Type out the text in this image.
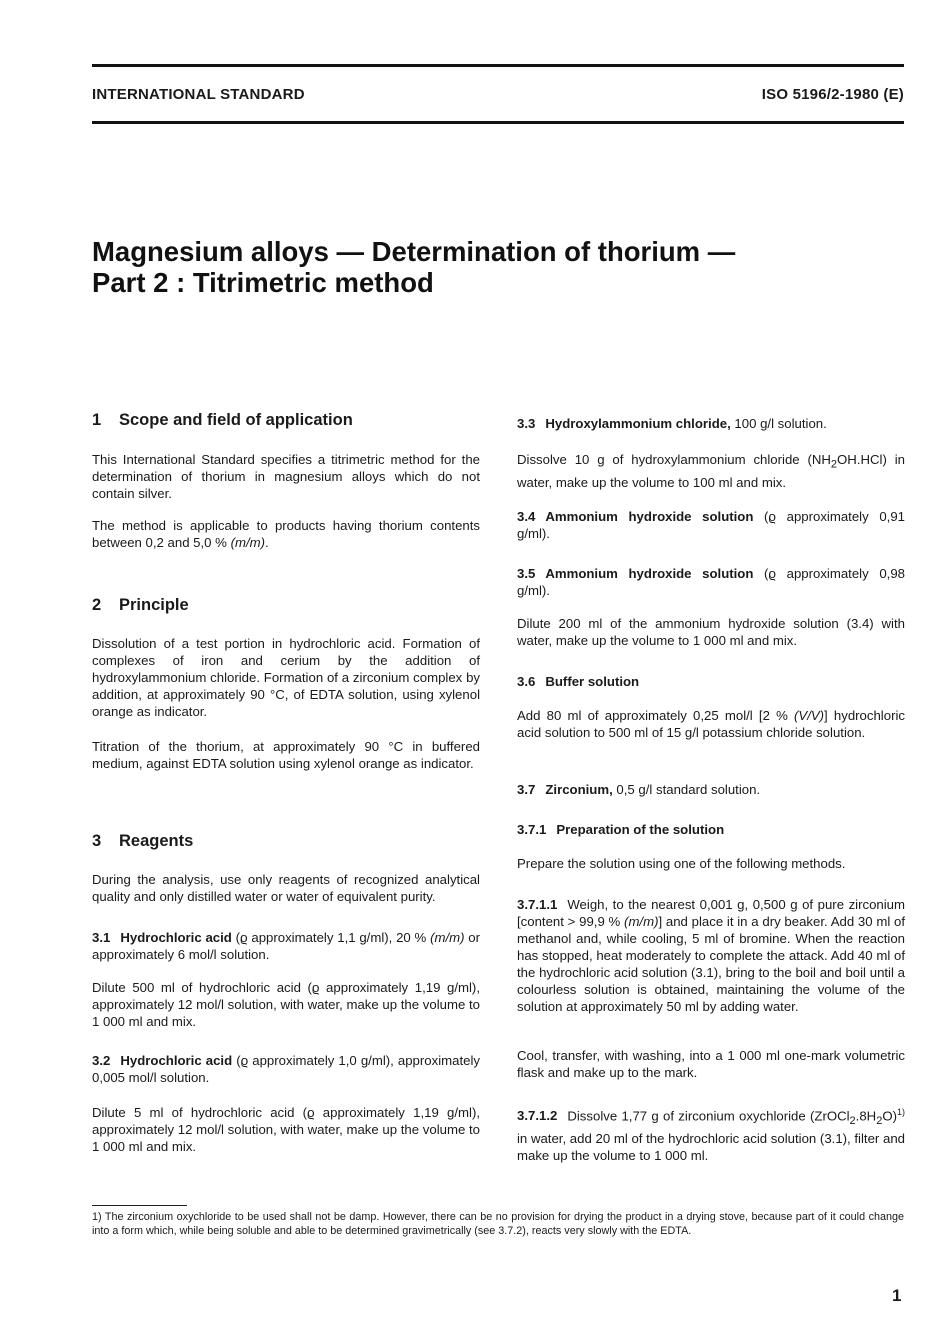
INTERNATIONAL STANDARD	ISO 5196/2-1980 (E)
Magnesium alloys — Determination of thorium —
Part 2 : Titrimetric method
1 Scope and field of application

This International Standard specifies a titrimetric method for the determination of thorium in magnesium alloys which do not contain silver.

The method is applicable to products having thorium contents between 0,2 and 5,0 % (m/m).

2 Principle

Dissolution of a test portion in hydrochloric acid. Formation of complexes of iron and cerium by the addition of hydroxylammonium chloride. Formation of a zirconium complex by addition, at approximately 90 °C, of EDTA solution, using xylenol orange as indicator.

Titration of the thorium, at approximately 90 °C in buffered medium, against EDTA solution using xylenol orange as indicator.

3 Reagents

During the analysis, use only reagents of recognized analytical quality and only distilled water or water of equivalent purity.

3.1 Hydrochloric acid (ϱ approximately 1,1 g/ml), 20 % (m/m) or approximately 6 mol/l solution.

Dilute 500 ml of hydrochloric acid (ϱ approximately 1,19 g/ml), approximately 12 mol/l solution, with water, make up the volume to 1 000 ml and mix.

3.2 Hydrochloric acid (ϱ approximately 1,0 g/ml), approximately 0,005 mol/l solution.

Dilute 5 ml of hydrochloric acid (ϱ approximately 1,19 g/ml), approximately 12 mol/l solution, with water, make up the volume to 1 000 ml and mix.

3.3 Hydroxylammonium chloride, 100 g/l solution.

Dissolve 10 g of hydroxylammonium chloride $(NH_2OH.HCl)$ in water, make up the volume to 100 ml and mix.

3.4 Ammonium hydroxide solution (ϱ approximately 0,91 g/ml).

3.5 Ammonium hydroxide solution (ϱ approximately 0,98 g/ml).

Dilute 200 ml of the ammonium hydroxide solution (3.4) with water, make up the volume to 1 000 ml and mix.

3.6 Buffer solution

Add 80 ml of approximately 0,25 mol/l [2 % (V/V)] hydrochloric acid solution to 500 ml of 15 g/l potassium chloride solution.

3.7 Zirconium, 0,5 g/l standard solution.

3.7.1 Preparation of the solution

Prepare the solution using one of the following methods.

3.7.1.1 Weigh, to the nearest 0,001 g, 0,500 g of pure zirconium [content > 99,9 % (m/m)] and place it in a dry beaker. Add 30 ml of methanol and, while cooling, 5 ml of bromine. When the reaction has stopped, heat moderately to complete the attack. Add 40 ml of the hydrochloric acid solution (3.1), bring to the boil and boil until a colourless solution is obtained, maintaining the volume of the solution at approximately 50 ml by adding water.

Cool, transfer, with washing, into a 1 000 ml one-mark volumetric flask and make up to the mark.

3.7.1.2 Dissolve 1,77 g of zirconium oxychloride $(ZrOCl_2.8H_2O)^{1)}$ in water, add 20 ml of the hydrochloric acid solution (3.1), filter and make up the volume to 1 000 ml.

1) The zirconium oxychloride to be used shall not be damp. However, there can be no provision for drying the product in a drying stove, because part of it could change into a form which, while being soluble and able to be determined gravimetrically (see 3.7.2), reacts very slowly with the EDTA.
1
